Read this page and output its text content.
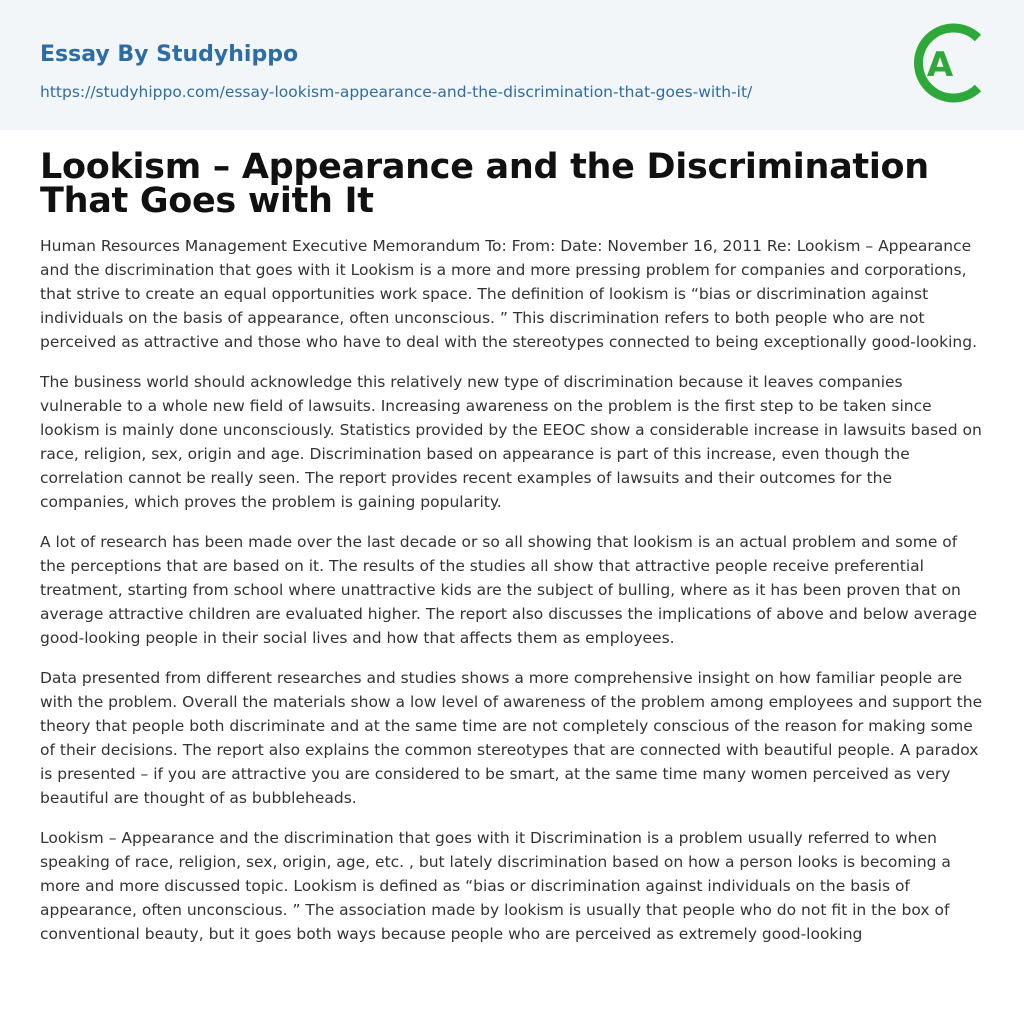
Essay By Studyhippo
https://studyhippo.com/essay-lookism-appearance-and-the-discrimination-that-goes-with-it/
A
Lookism – Appearance and the Discrimination That Goes with It

Human Resources Management Executive Memorandum To: From: Date: November 16, 2011 Re: Lookism – Appearance and the discrimination that goes with it Lookism is a more and more pressing problem for companies and corporations, that strive to create an equal opportunities work space. The definition of lookism is “bias or discrimination against individuals on the basis of appearance, often unconscious. ” This discrimination refers to both people who are not perceived as attractive and those who have to deal with the stereotypes connected to being exceptionally good-looking.

The business world should acknowledge this relatively new type of discrimination because it leaves companies vulnerable to a whole new field of lawsuits. Increasing awareness on the problem is the first step to be taken since lookism is mainly done unconsciously. Statistics provided by the EEOC show a considerable increase in lawsuits based on race, religion, sex, origin and age. Discrimination based on appearance is part of this increase, even though the correlation cannot be really seen. The report provides recent examples of lawsuits and their outcomes for the companies, which proves the problem is gaining popularity.

A lot of research has been made over the last decade or so all showing that lookism is an actual problem and some of the perceptions that are based on it. The results of the studies all show that attractive people receive preferential treatment, starting from school where unattractive kids are the subject of bulling, where as it has been proven that on average attractive children are evaluated higher. The report also discusses the implications of above and below average good-looking people in their social lives and how that affects them as employees.

Data presented from different researches and studies shows a more comprehensive insight on how familiar people are with the problem. Overall the materials show a low level of awareness of the problem among employees and support the theory that people both discriminate and at the same time are not completely conscious of the reason for making some of their decisions. The report also explains the common stereotypes that are connected with beautiful people. A paradox is presented – if you are attractive you are considered to be smart, at the same time many women perceived as very beautiful are thought of as bubbleheads.

Lookism – Appearance and the discrimination that goes with it Discrimination is a problem usually referred to when speaking of race, religion, sex, origin, age, etc. , but lately discrimination based on how a person looks is becoming a more and more discussed topic. Lookism is defined as “bias or discrimination against individuals on the basis of appearance, often unconscious. ” The association made by lookism is usually that people who do not fit in the box of conventional beauty, but it goes both ways because people who are perceived as extremely good-looking
